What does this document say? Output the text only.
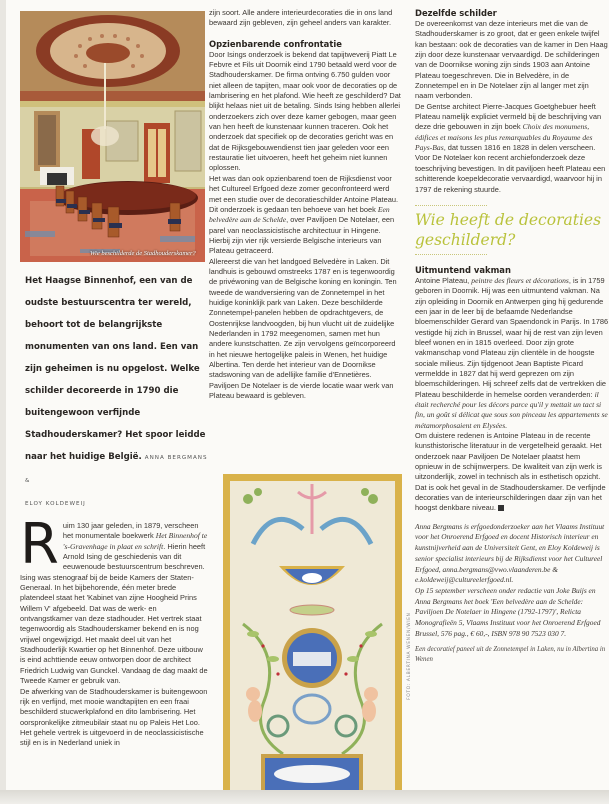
Wie beschilderde de Stadhouderskamer?
Het Haagse Binnenhof, een van de oudste bestuurscentra ter wereld, behoort tot de belangrijkste monumenten van ons land. Een van zijn geheimen is nu opgelost. Welke schilder decoreerde in 1790 die buitengewoon verfijnde Stadhouderskamer? Het spoor leidde naar het huidige België. ANNA BERGMANS &
ELOY KOLDEWEIJ

Ruim 130 jaar geleden, in 1879, verscheen het monumentale boekwerk Het Binnenhof te 's-Gravenhage in plaat en schrift. Hierin heeft Arnold Ising de geschiedenis van dit eeuwenoude bestuurscentrum beschreven. Ising was stenograaf bij de beide Kamers der Staten-Generaal. In het bijbehorende, één meter brede platendeel staat het 'Kabinet van zijne Hoogheid Prins Willem V' afgebeeld. Dat was de werk- en ontvangstkamer van deze stadhouder. Het vertrek staat tegenwoordig als Stadhouderskamer bekend en is nog vrijwel ongewijzigd. Het maakt deel uit van het Stadhouderlijk Kwartier op het Binnenhof. Deze uitbouw is eind achttiende eeuw ontworpen door de architect Friedrich Ludwig van Gunckel. Vandaag de dag maakt de Tweede Kamer er gebruik van.

De afwerking van de Stadhouderskamer is buitengewoon rijk en verfijnd, met mooie wandtapijten en een fraai beschilderd stucwerkplafond en dito lambrisering. Het oorspronkelijke zitmeubilair staat nu op Paleis Het Loo. Het gehele vertrek is uitgevoerd in de neoclassicistische stijl en is in Nederland uniek in

zijn soort. Alle andere interieurdecoraties die in ons land bewaard zijn gebleven, zijn geheel anders van karakter.

Opzienbarende confrontatie

Door Isings onderzoek is bekend dat tapijtweverij Piatt Le Febvre et Fils uit Doornik eind 1790 betaald werd voor de Stadhouderskamer. De firma ontving 6.750 gulden voor niet alleen de tapijten, maar ook voor de decoraties op de lambrisering en het plafond. Wie heeft ze geschilderd? Dat blijkt helaas niet uit de betaling. Sinds Ising hebben allerlei onderzoekers zich over deze kamer gebogen, maar geen van hen heeft de kunstenaar kunnen traceren. Ook het onderzoek dat specifiek op de decoraties gericht was en dat de Rijksgebouwendienst tien jaar geleden voor een restauratie liet uitvoeren, heeft het geheim niet kunnen oplossen.

Het was dan ook opzienbarend toen de Rijksdienst voor het Cultureel Erfgoed deze zomer geconfronteerd werd met een studie over de decoratieschilder Antoine Plateau. Dit onderzoek is gedaan ten behoeve van het boek Een belvedère aan de Schelde, over Paviljoen De Notelaer, een parel van neoclassicistische architectuur in Hingene. Hierbij zijn vier rijk versierde Belgische interieurs van Plateau getraceerd.

Allereerst die van het landgoed Belvedère in Laken. Dit landhuis is gebouwd omstreeks 1787 en is tegenwoordig de privéwoning van de Belgische koning en koningin. Ten tweede de wandversiering van de Zonnetempel in het huidige koninklijk park van Laken. Deze beschilderde Zonnetempel-panelen hebben de opdrachtgevers, de Oostenrijkse landvoogden, bij hun vlucht uit de zuidelijke Nederlanden in 1792 meegenomen, samen met hun andere kunstschatten. Ze zijn vervolgens geïncorporeerd in het nieuwe hertogelijke paleis in Wenen, het huidige Albertina. Ten derde het interieur van de Doornikse stadswoning van de adellijke familie d'Ennetières. Paviljoen De Notelaer is de vierde locatie waar werk van Plateau bewaard is gebleven.

FOTO: ALBERTINA WENEN/WIEN
Dezelfde schilder

De overeenkomst van deze interieurs met die van de Stadhouderskamer is zo groot, dat er geen enkele twijfel kan bestaan: ook de decoraties van de kamer in Den Haag zijn door deze kunstenaar vervaardigd. De schilderingen van de Doornikse woning zijn sinds 1903 aan Antoine Plateau toegeschreven. Die in Belvedère, in de Zonnetempel en in De Notelaer zijn al langer met zijn naam verbonden.

De Gentse architect Pierre-Jacques Goetghebuer heeft Plateau namelijk expliciet vermeld bij de beschrijving van deze drie gebouwen in zijn boek Choix des monumens, édifices et maisons les plus remarquables du Royaume des Pays-Bas, dat tussen 1816 en 1828 in delen verscheen. Voor De Notelaer kon recent archiefonderzoek deze toeschrijving bevestigen. In dit paviljoen heeft Plateau een schitterende koepeldecoratie vervaardigd, waarvoor hij in 1797 de rekening stuurde.

Wie heeft de decoraties geschilderd?
Uitmuntend vakman

Antoine Plateau, peintre des fleurs et décorations, is in 1759 geboren in Doornik. Hij was een uitmuntend vakman. Na zijn opleiding in Doornik en Antwerpen ging hij gedurende een jaar in de leer bij de befaamde Nederlandse bloemenschilder Gerard van Spaendonck in Parijs. In 1786 vestigde hij zich in Brussel, waar hij de rest van zijn leven bleef wonen en in 1815 overleed. Door zijn grote vakmanschap vond Plateau zijn clientèle in de hoogste sociale milieus. Zijn tijdgenoot Jean Baptiste Picard vermeldde in 1827 dat hij werd geprezen om zijn bloemschilderingen. Hij schreef zelfs dat de vertrekken die Plateau beschilderde in hemelse oorden veranderden: il était recherché pour les décors parce qu'il y mettait un tact si fin, un goût si délicat que sous son pinceau les appartements se métamorphosaient en Elysées.

Om duistere redenen is Antoine Plateau in de recente kunsthistorische literatuur in de vergetelheid geraakt. Het onderzoek naar Paviljoen De Notelaer plaatst hem opnieuw in de schijnwerpers. De kwaliteit van zijn werk is uitzonderlijk, zowel in technisch als in esthetisch opzicht. Dat is ook het geval in de Stadhouderskamer. De verfijnde decoraties van de interieurschilderingen daar zijn van het hoogst denkbare niveau.

Anna Bergmans is erfgoedonderzoeker aan het Vlaams Instituut voor het Onroerend Erfgoed en docent Historisch interieur en kunstnijverheid aan de Universiteit Gent, en Eloy Koldeweij is senior specialist interieurs bij de Rijksdienst voor het Cultureel Erfgoed, anna.bergmans@vwo.vlaanderen.be & e.koldeweij@cultureelerfgoed.nl.

Op 15 september verscheen onder redactie van Joke Buijs en Anna Bergmans het boek 'Een belvedère aan de Schelde: Paviljoen De Notelaer in Hingene (1792-1797)', Relicta Monografieën 5, Vlaams Instituut voor het Onroerend Erfgoed Brussel, 576 pag., € 60,-, ISBN 978 90 7523 030 7.

Een decoratief paneel uit de Zonnetempel in Laken, nu in Albertina in Wenen
